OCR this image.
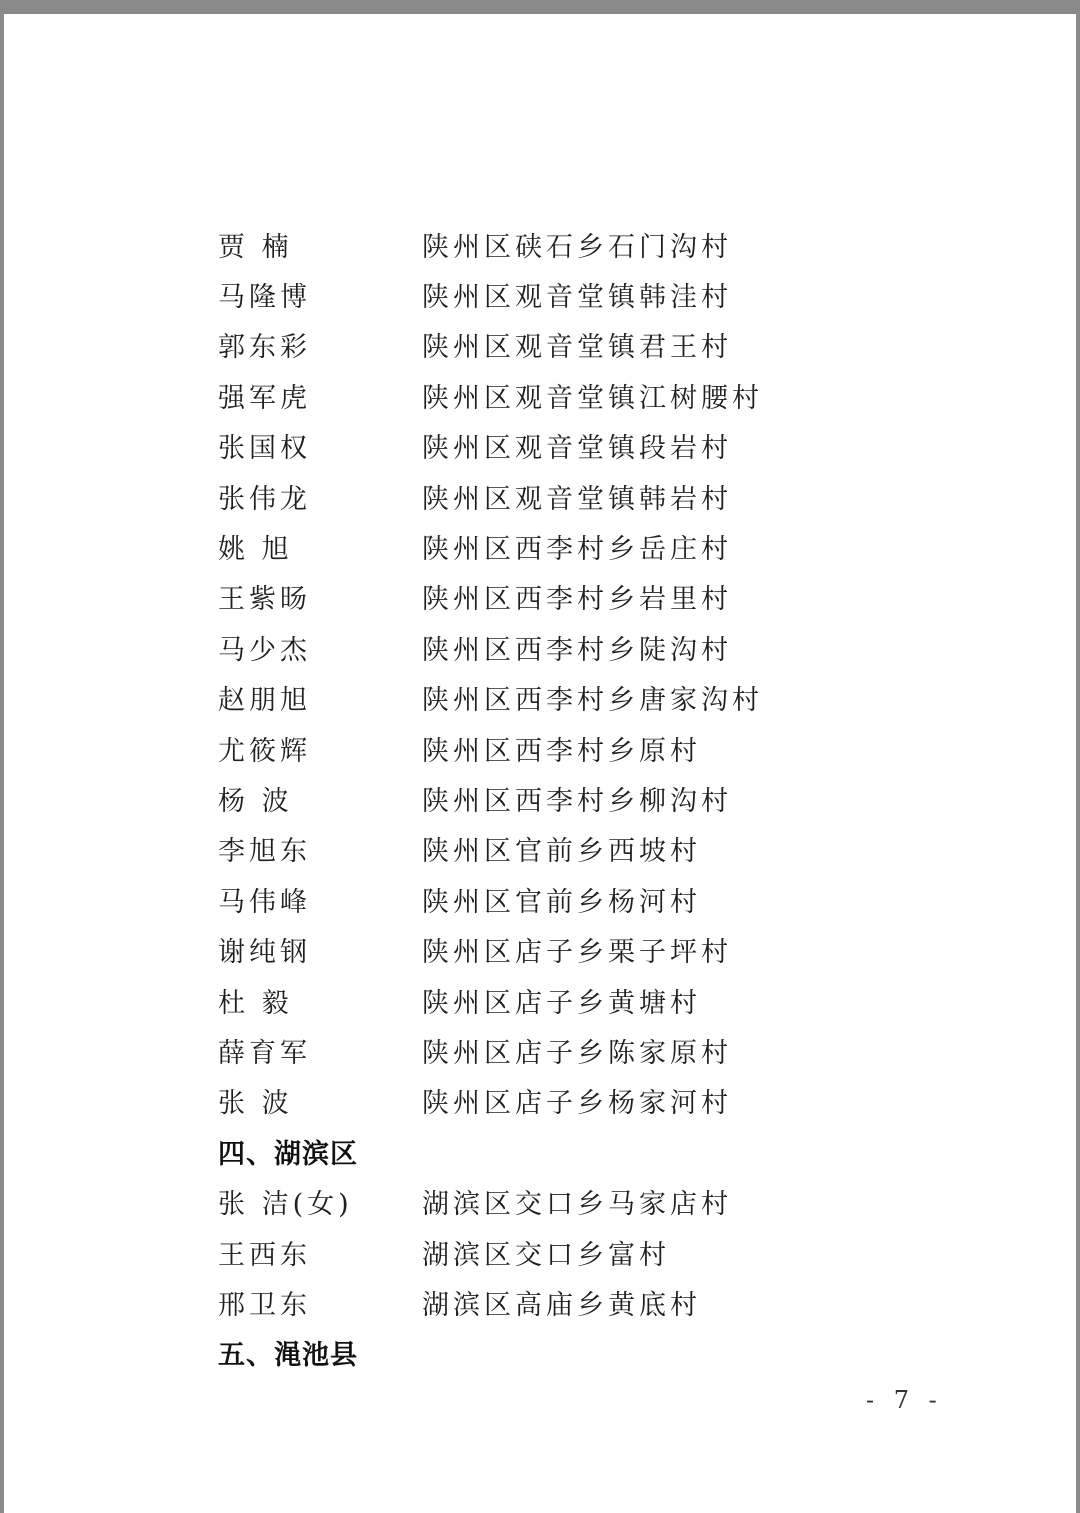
贾 楠	陕州区硖石乡石门沟村
马隆博	陕州区观音堂镇韩洼村
郭东彩	陕州区观音堂镇君王村
强军虎	陕州区观音堂镇江树腰村
张国权	陕州区观音堂镇段岩村
张伟龙	陕州区观音堂镇韩岩村
姚 旭	陕州区西李村乡岳庄村
王紫旸	陕州区西李村乡岩里村
马少杰	陕州区西李村乡陡沟村
赵朋旭	陕州区西李村乡唐家沟村
尤筱辉	陕州区西李村乡原村
杨 波	陕州区西李村乡柳沟村
李旭东	陕州区官前乡西坡村
马伟峰	陕州区官前乡杨河村
谢纯钢	陕州区店子乡栗子坪村
杜 毅	陕州区店子乡黄塘村
薛育军	陕州区店子乡陈家原村
张 波	陕州区店子乡杨家河村
四、湖滨区
张 洁(女)	湖滨区交口乡马家店村
王西东	湖滨区交口乡富村
邢卫东	湖滨区高庙乡黄底村
五、渑池县
- 7 -
